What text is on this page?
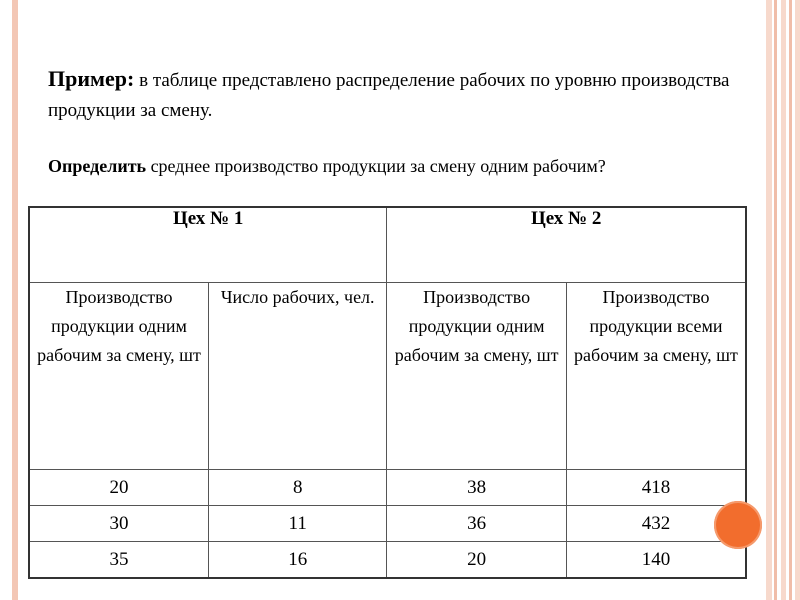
Пример: в таблице представлено распределение рабочих по уровню производства продукции за смену.
Определить среднее производство продукции за смену одним рабочим?
Цех № 1		Цех № 2	
Производство продукции одним рабочим за смену, шт	Число рабочих, чел.	Производство продукции одним рабочим за смену, шт	Производство продукции всеми рабочим за смену, шт
20	8	38	418
30	11	36	432
35	16	20	140
